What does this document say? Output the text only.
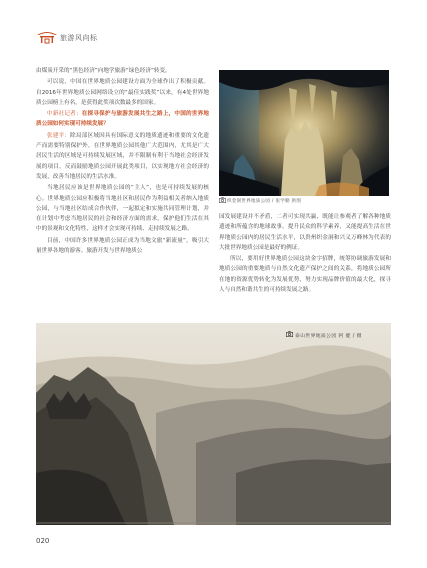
旅游风向标

由煤炭开采的“黑色经济”向地学旅游“绿色经济”转变。

可以说，中国在世界地质公园建设方面为全球作出了积极贡献。自2016年世界地质公园网络设立的“最佳实践奖”以来，有4处世界地质公园榜上有名，是获得此奖项次数最多的国家。

中新社记者：在探寻保护与旅游发展共生之路上，中国的世界地质公园如何实现可持续发展？

张建平：除局部区域因具有国际意义的地质遗迹和重要的文化遗产而需要特别保护外，在世界地质公园其他广大范围内，尤其是广大居民生活的区域是可持续发展区域，并不限制有利于当地社会经济发展的项目，反而鼓励地质公园开展此类项目，以实现地方社会经济的发展，改善当地居民的生活水准。

当地居民应该是世界地质公园的“主人”，也是可持续发展的核心。世界地质公园应积极将当地社区和居民作为利益相关者纳入地质公园，与当地社区结成合作伙伴，一起拟定和实施共同管理计划，并在计划中考虑当地居民的社会和经济方面的需求，保护他们生活在其中的景观和文化特性，这样才会实现可持续、走持续发展之路。

目前，中国许多世界地质公园正成为当地文旅“新流量”，吸引大量世界各地的游客。旅游开发与世界地质公

织金洞世界地质公园 / 张学勤 供图

园发展建设并不矛盾，二者可实现共赢，既能让参观者了解各种地质遗迹和所蕴含的地球故事，提升民众的科学素养，又能提高生活在世界地质公园内的居民生活水平，以贵州织金洞和兴义万峰林为代表的大批世界地质公园是最好的例证。

所以，要用好世界地质公园这块金字招牌，统筹协调旅游发展和地质公园的重要地质与自然文化遗产保护之间的关系，将地质公园所在地的资源优势转化为发展优势，努力实现品牌价值的最大化，探寻人与自然和谐共生的可持续发展之路。

泰山世界地质公园 阿 健 / 摄
020
